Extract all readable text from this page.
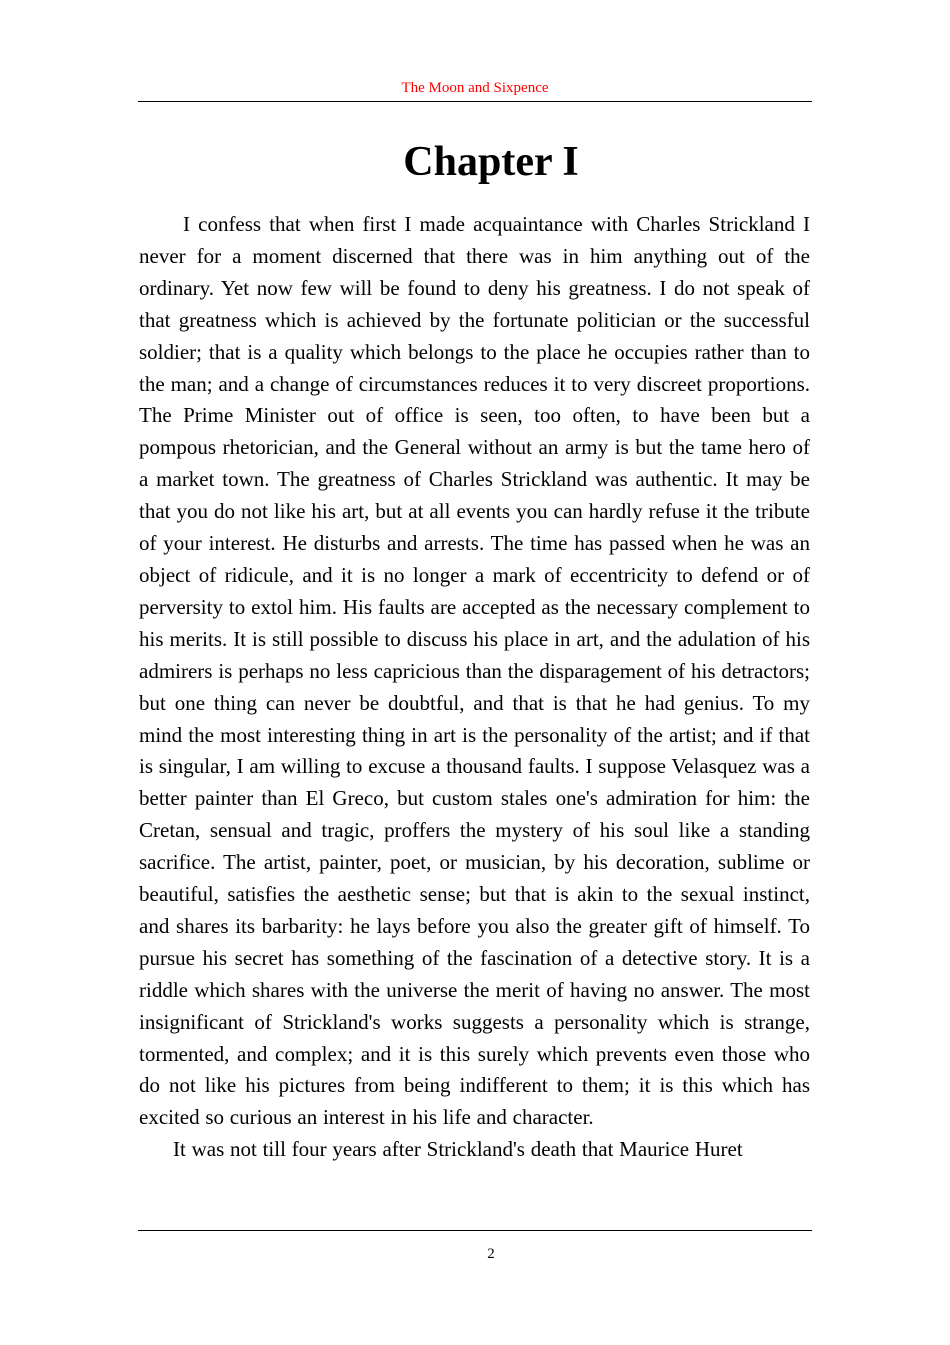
The Moon and Sixpence
Chapter I

I confess that when first I made acquaintance with Charles Strickland I never for a moment discerned that there was in him anything out of the ordinary. Yet now few will be found to deny his greatness. I do not speak of that greatness which is achieved by the fortunate politician or the successful soldier; that is a quality which belongs to the place he occupies rather than to the man; and a change of circumstances reduces it to very discreet proportions. The Prime Minister out of office is seen, too often, to have been but a pompous rhetorician, and the General without an army is but the tame hero of a market town. The greatness of Charles Strickland was authentic. It may be that you do not like his art, but at all events you can hardly refuse it the tribute of your interest. He disturbs and arrests. The time has passed when he was an object of ridicule, and it is no longer a mark of eccentricity to defend or of perversity to extol him. His faults are accepted as the necessary complement to his merits. It is still possible to discuss his place in art, and the adulation of his admirers is perhaps no less capricious than the disparagement of his detractors; but one thing can never be doubtful, and that is that he had genius. To my mind the most interesting thing in art is the personality of the artist; and if that is singular, I am willing to excuse a thousand faults. I suppose Velasquez was a better painter than El Greco, but custom stales one's admiration for him: the Cretan, sensual and tragic, proffers the mystery of his soul like a standing sacrifice. The artist, painter, poet, or musician, by his decoration, sublime or beautiful, satisfies the aesthetic sense; but that is akin to the sexual instinct, and shares its barbarity: he lays before you also the greater gift of himself. To pursue his secret has something of the fascination of a detective story. It is a riddle which shares with the universe the merit of having no answer. The most insignificant of Strickland's works suggests a personality which is strange, tormented, and complex; and it is this surely which prevents even those who do not like his pictures from being indifferent to them; it is this which has excited so curious an interest in his life and character.

It was not till four years after Strickland's death that Maurice Huret

2
